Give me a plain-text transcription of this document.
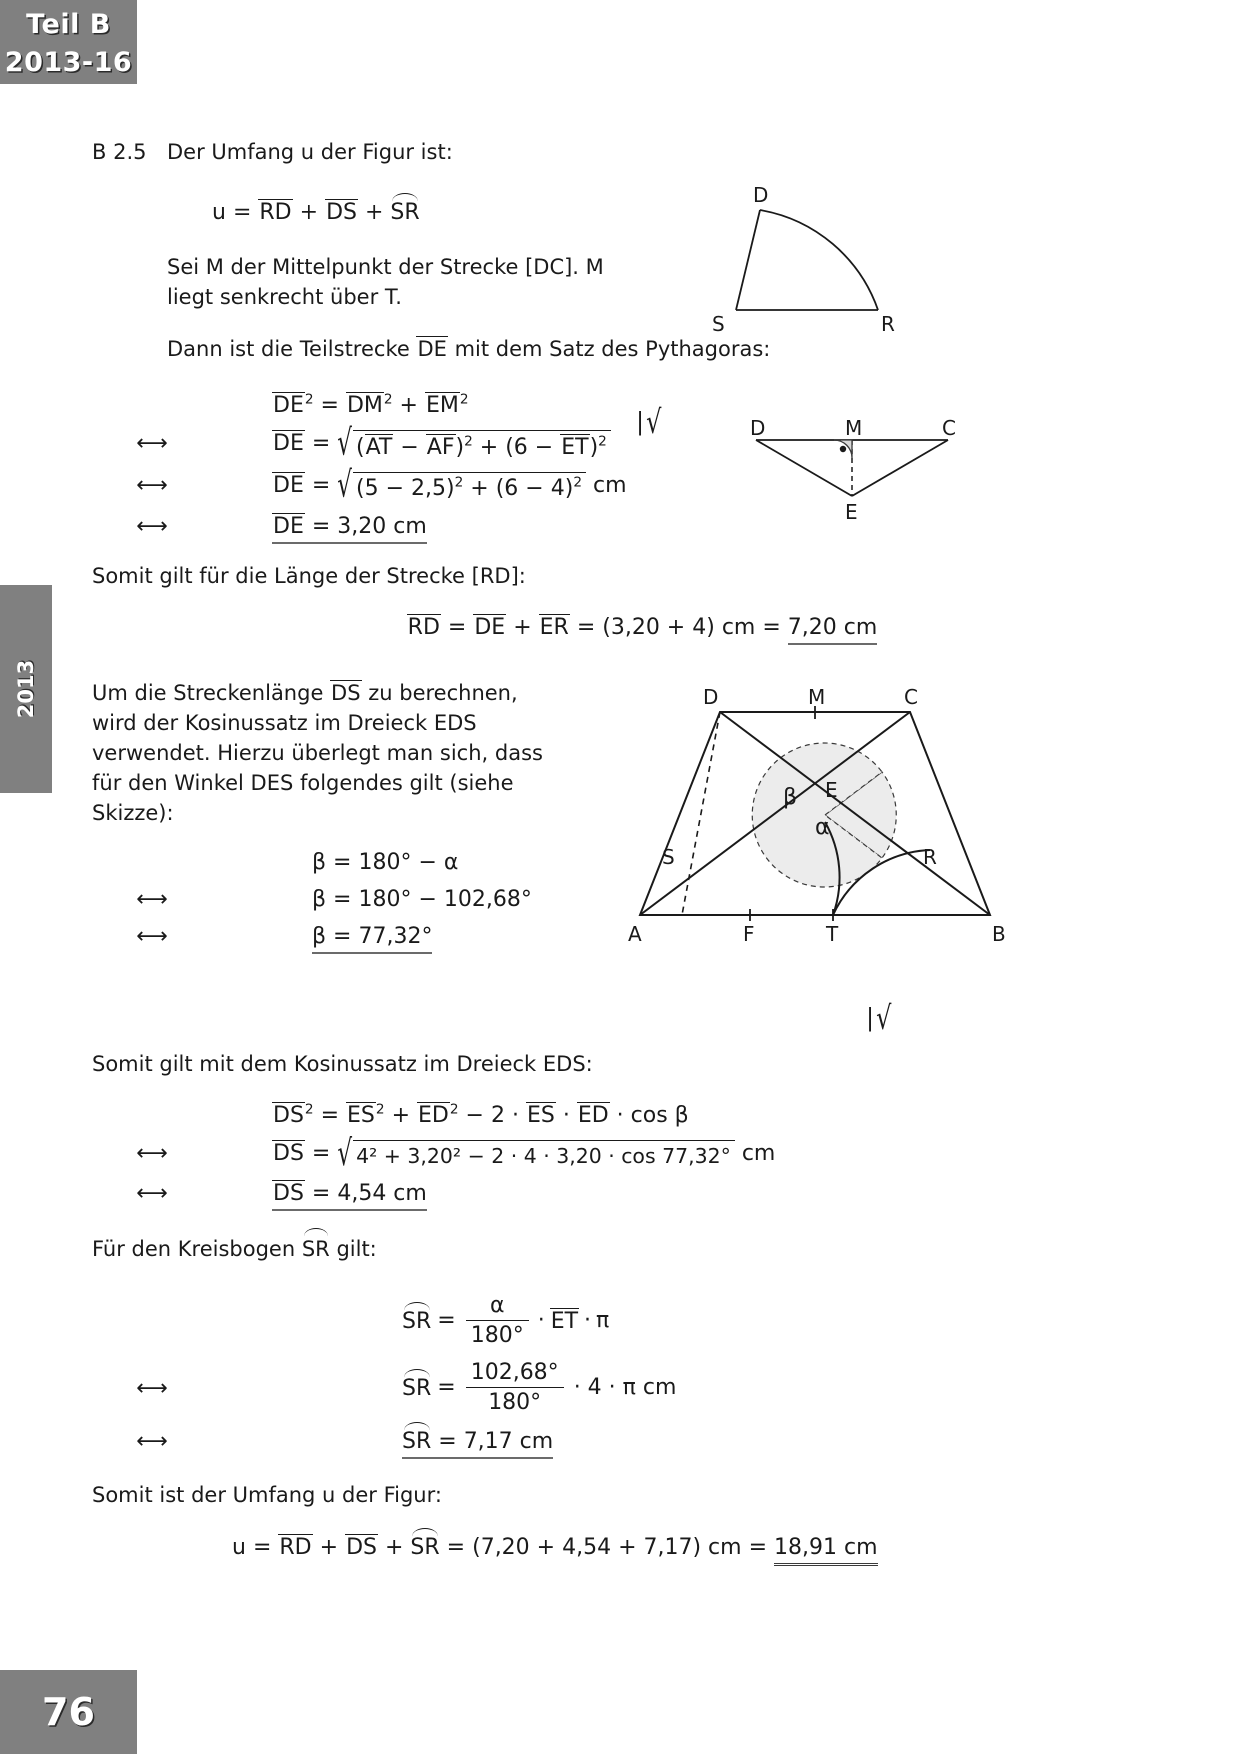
Teil B
2013-16
2013
76
B 2.5 Der Umfang u der Figur ist:
u = RD + DS + SR
Sei M der Mittelpunkt der Strecke [DC]. M liegt senkrecht über T.
Dann ist die Teilstrecke DE mit dem Satz des Pythagoras:
$DE^2 = DM^2 + EM^2$
⟷	DE = √ (AT − AF)$^2$ + (6 − ET)$^2$
⟷	DE = √ $(5 - 2,5)^2 + (6 - 4)^2$ cm
⟷	DE = 3,20 cm
Somit gilt für die Länge der Strecke [RD]:
RD = DE + ER = (3,20 + 4) cm = 7,20 cm
Um die Streckenlänge DS zu berechnen, wird der Kosinussatz im Dreieck EDS verwendet. Hierzu überlegt man sich, dass für den Winkel DES folgendes gilt (siehe Skizze):
β = 180° − α
⟷	β = 180° − 102,68°
⟷	β = 77,32°
Somit gilt mit dem Kosinussatz im Dreieck EDS:
$DS^2 = ES^2 + ED^2 - 2$ · ES · ED · cos β
⟷	DS = √ 4² + 3,20² − 2 · 4 · 3,20 · cos 77,32° cm
⟷	DS = 4,54 cm
Für den Kreisbogen SR gilt:
SR = $\frac{\alpha}{180^\circ}$ · ET · π
⟷	SR = $\frac{102,68^\circ}{180^\circ} \cdot 4 \cdot \pi$ cm
⟷	SR = 7,17 cm
Somit ist der Umfang u der Figur:
u = RD + DS + SR = (7,20 + 4,54 + 7,17) cm = 18,91 cm
D
S	R
|√
|√
D	M	C
E
D	M	C
E
S	R
A	F	T	B
β
α
